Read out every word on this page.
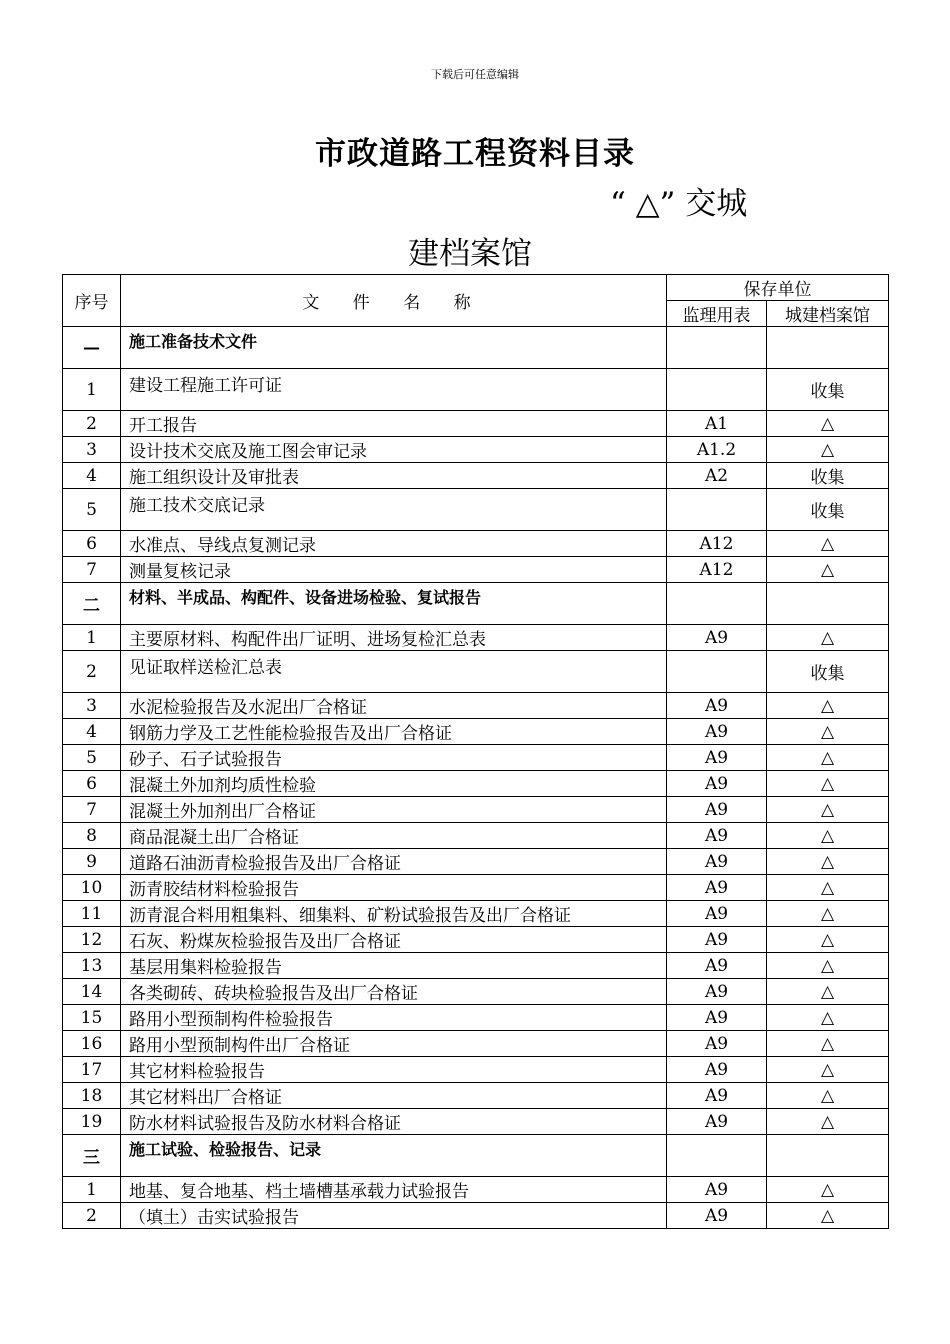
下载后可任意编辑
市政道路工程资料目录
“ △” 交城
建档案馆
序号	文 件 名 称	保存单位	
		监理用表	城建档案馆
—	施工准备技术文件		
1	建设工程施工许可证		收集
2	开工报告	A1	△
3	设计技术交底及施工图会审记录	A1.2	△
4	施工组织设计及审批表	A2	收集
5	施工技术交底记录		收集
6	水准点、导线点复测记录	A12	△
7	测量复核记录	A12	△
二	材料、半成品、构配件、设备进场检验、复试报告		
1	主要原材料、构配件出厂证明、进场复检汇总表	A9	△
2	见证取样送检汇总表		收集
3	水泥检验报告及水泥出厂合格证	A9	△
4	钢筋力学及工艺性能检验报告及出厂合格证	A9	△
5	砂子、石子试验报告	A9	△
6	混凝土外加剂均质性检验	A9	△
7	混凝土外加剂出厂合格证	A9	△
8	商品混凝土出厂合格证	A9	△
9	道路石油沥青检验报告及出厂合格证	A9	△
10	沥青胶结材料检验报告	A9	△
11	沥青混合料用粗集料、细集料、矿粉试验报告及出厂合格证	A9	△
12	石灰、粉煤灰检验报告及出厂合格证	A9	△
13	基层用集料检验报告	A9	△
14	各类砌砖、砖块检验报告及出厂合格证	A9	△
15	路用小型预制构件检验报告	A9	△
16	路用小型预制构件出厂合格证	A9	△
17	其它材料检验报告	A9	△
18	其它材料出厂合格证	A9	△
19	防水材料试验报告及防水材料合格证	A9	△
三	施工试验、检验报告、记录		
1	地基、复合地基、档土墙槽基承载力试验报告	A9	△
2	（填土）击实试验报告	A9	△
